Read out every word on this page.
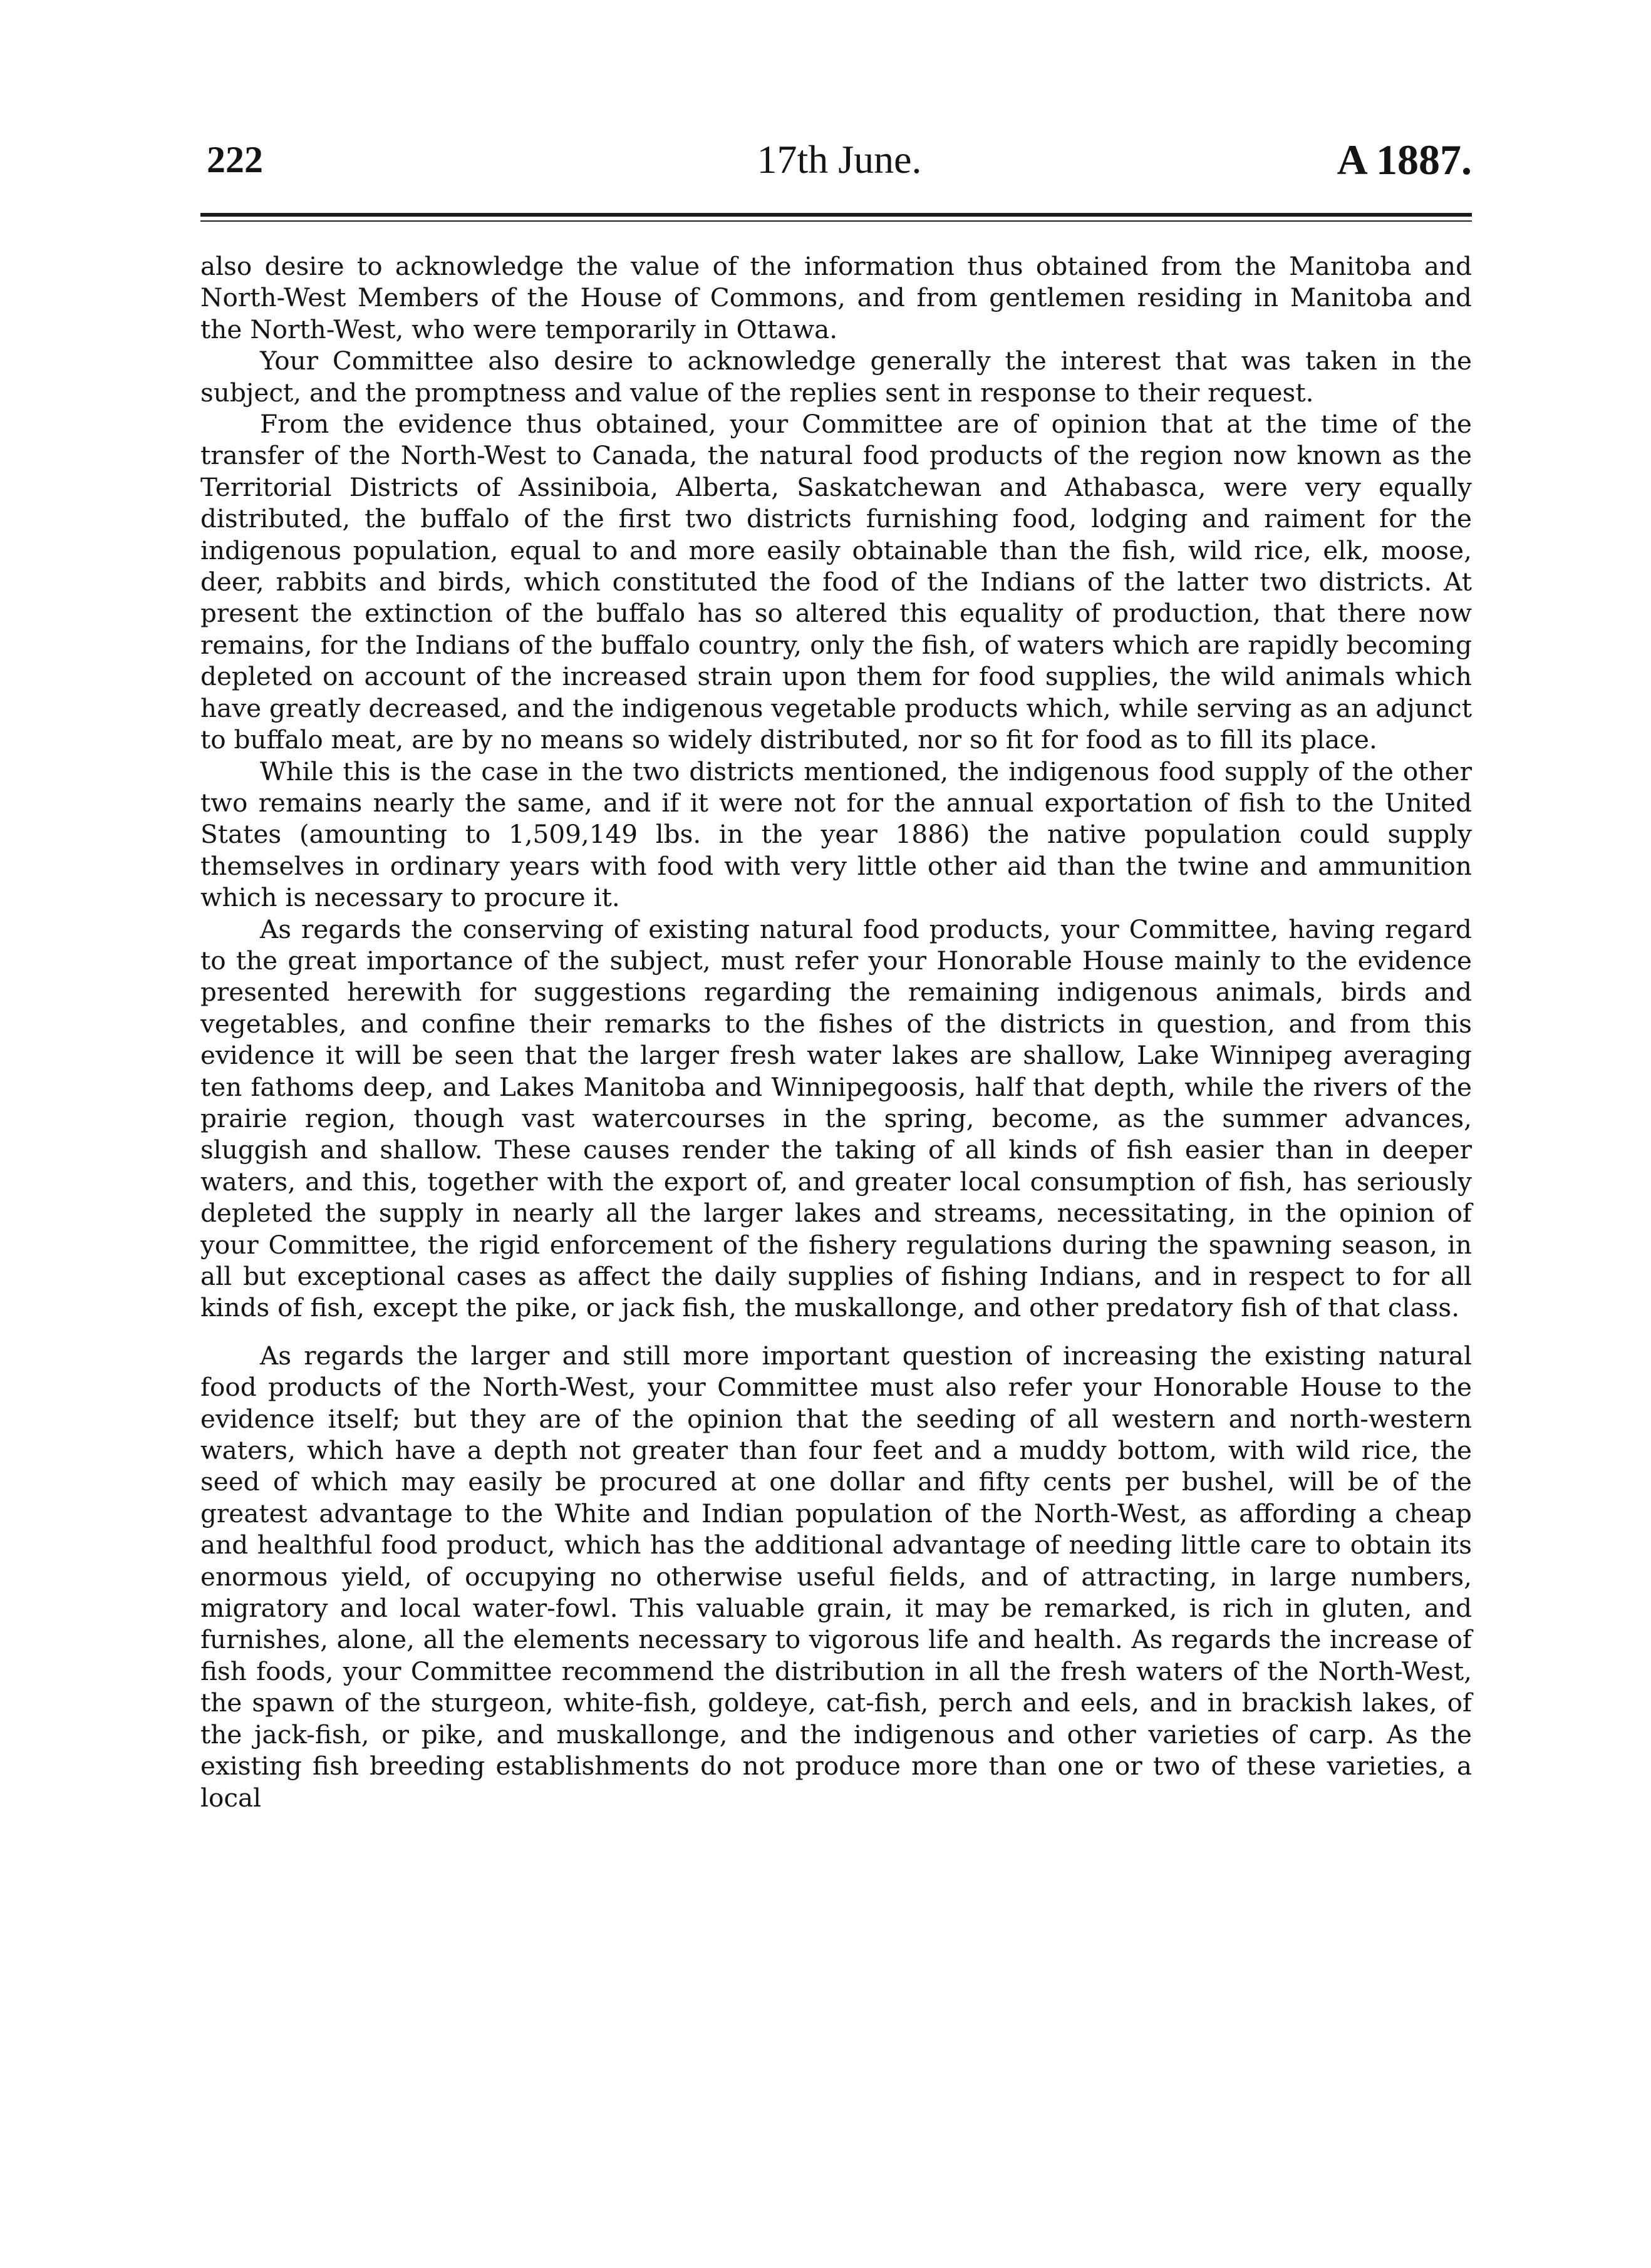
17th June.
222	A 1887.

also desire to acknowledge the value of the information thus obtained from the Manitoba and North-West Members of the House of Commons, and from gentlemen residing in Manitoba and the North-West, who were temporarily in Ottawa.

Your Committee also desire to acknowledge generally the interest that was taken in the subject, and the promptness and value of the replies sent in response to their request.

From the evidence thus obtained, your Committee are of opinion that at the time of the transfer of the North-West to Canada, the natural food products of the region now known as the Territorial Districts of Assiniboia, Alberta, Saskatchewan and Athabasca, were very equally distributed, the buffalo of the first two districts furnishing food, lodging and raiment for the indigenous population, equal to and more easily obtainable than the fish, wild rice, elk, moose, deer, rabbits and birds, which constituted the food of the Indians of the latter two districts. At present the extinction of the buffalo has so altered this equality of production, that there now remains, for the Indians of the buffalo country, only the fish, of waters which are rapidly becoming depleted on account of the increased strain upon them for food supplies, the wild animals which have greatly decreased, and the indigenous vegetable products which, while serving as an adjunct to buffalo meat, are by no means so widely distributed, nor so fit for food as to fill its place.

While this is the case in the two districts mentioned, the indigenous food supply of the other two remains nearly the same, and if it were not for the annual exportation of fish to the United States (amounting to 1,509,149 lbs. in the year 1886) the native population could supply themselves in ordinary years with food with very little other aid than the twine and ammunition which is necessary to procure it.

As regards the conserving of existing natural food products, your Committee, having regard to the great importance of the subject, must refer your Honorable House mainly to the evidence presented herewith for suggestions regarding the remaining indigenous animals, birds and vegetables, and confine their remarks to the fishes of the districts in question, and from this evidence it will be seen that the larger fresh water lakes are shallow, Lake Winnipeg averaging ten fathoms deep, and Lakes Manitoba and Winnipegoosis, half that depth, while the rivers of the prairie region, though vast watercourses in the spring, become, as the summer advances, sluggish and shallow. These causes render the taking of all kinds of fish easier than in deeper waters, and this, together with the export of, and greater local consumption of fish, has seriously depleted the supply in nearly all the larger lakes and streams, necessitating, in the opinion of your Committee, the rigid enforcement of the fishery regulations during the spawning season, in all but exceptional cases as affect the daily supplies of fishing Indians, and in respect to for all kinds of fish, except the pike, or jack fish, the muskallonge, and other predatory fish of that class.

As regards the larger and still more important question of increasing the existing natural food products of the North-West, your Committee must also refer your Honorable House to the evidence itself; but they are of the opinion that the seeding of all western and north-western waters, which have a depth not greater than four feet and a muddy bottom, with wild rice, the seed of which may easily be procured at one dollar and fifty cents per bushel, will be of the greatest advantage to the White and Indian population of the North-West, as affording a cheap and healthful food product, which has the additional advantage of needing little care to obtain its enormous yield, of occupying no otherwise useful fields, and of attracting, in large numbers, migratory and local water-fowl. This valuable grain, it may be remarked, is rich in gluten, and furnishes, alone, all the elements necessary to vigorous life and health. As regards the increase of fish foods, your Committee recommend the distribution in all the fresh waters of the North-West, the spawn of the sturgeon, white-fish, goldeye, cat-fish, perch and eels, and in brackish lakes, of the jack-fish, or pike, and muskallonge, and the indigenous and other varieties of carp. As the existing fish breeding establishments do not produce more than one or two of these varieties, a local
